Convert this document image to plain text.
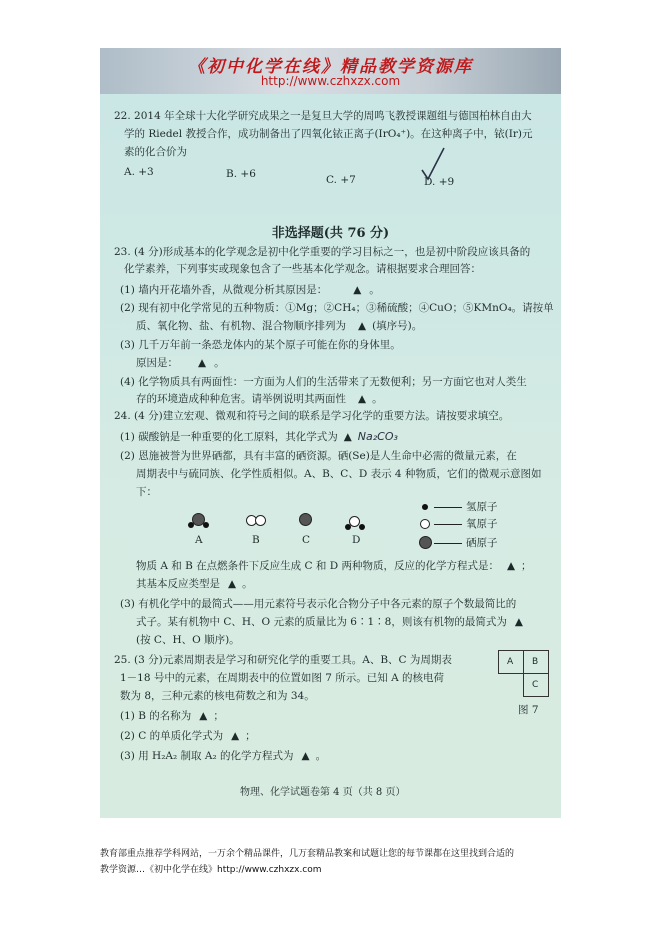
《初中化学在线》精品教学资源库
http://www.czhxzx.com
22. 2014 年全球十大化学研究成果之一是复旦大学的周鸣飞教授课题组与德国柏林自由大
学的 Riedel 教授合作，成功制备出了四氧化铱正离子(IrO₄⁺)。在这种离子中，铱(Ir)元
素的化合价为
A. +3	B. +6	C. +7	D. +9
非选择题(共 76 分)
23. (4 分)形成基本的化学观念是初中化学重要的学习目标之一，也是初中阶段应该具备的
化学素养，下列事实或现象包含了一些基本化学观念。请根据要求合理回答：
(1) 墙内开花墙外香，从微观分析其原因是： ▲ 。
(2) 现有初中化学常见的五种物质：①Mg；②CH₄；③稀硫酸；④CuO；⑤KMnO₄。请按单
质、氧化物、盐、有机物、混合物顺序排列为 ▲ (填序号)。
(3) 几千万年前一条恐龙体内的某个原子可能在你的身体里。
原因是： ▲ 。
(4) 化学物质具有两面性：一方面为人们的生活带来了无数便利；另一方面它也对人类生
存的环境造成种种危害。请举例说明其两面性 ▲ 。
24. (4 分)建立宏观、微观和符号之间的联系是学习化学的重要方法。请按要求填空。
(1) 碳酸钠是一种重要的化工原料，其化学式为 ▲ Na₂CO₃
(2) 恩施被誉为世界硒都，具有丰富的硒资源。硒(Se)是人生命中必需的微量元素，在
周期表中与硫同族、化学性质相似。A、B、C、D 表示 4 种物质，它们的微观示意图如
下：
A	B	C	D
氢原子
氧原子
硒原子
物质 A 和 B 在点燃条件下反应生成 C 和 D 两种物质，反应的化学方程式是： ▲ ；
其基本反应类型是 ▲ 。
(3) 有机化学中的最简式——用元素符号表示化合物分子中各元素的原子个数最简比的
式子。某有机物中 C、H、O 元素的质量比为 6∶1∶8，则该有机物的最简式为 ▲
(按 C、H、O 顺序)。
25. (3 分)元素周期表是学习和研究化学的重要工具。A、B、C 为周期表
1－18 号中的元素，在周期表中的位置如图 7 所示。已知 A 的核电荷
数为 8，三种元素的核电荷数之和为 34。
(1) B 的名称为 ▲ ；
(2) C 的单质化学式为 ▲ ；
(3) 用 H₂A₂ 制取 A₂ 的化学方程式为 ▲ 。
A B
C
图 7
物理、化学试题卷第 4 页（共 8 页）
教育部重点推荐学科网站，一万余个精品课件，几万套精品教案和试题让您的每节课都在这里找到合适的
教学资源…《初中化学在线》http://www.czhxzx.com
